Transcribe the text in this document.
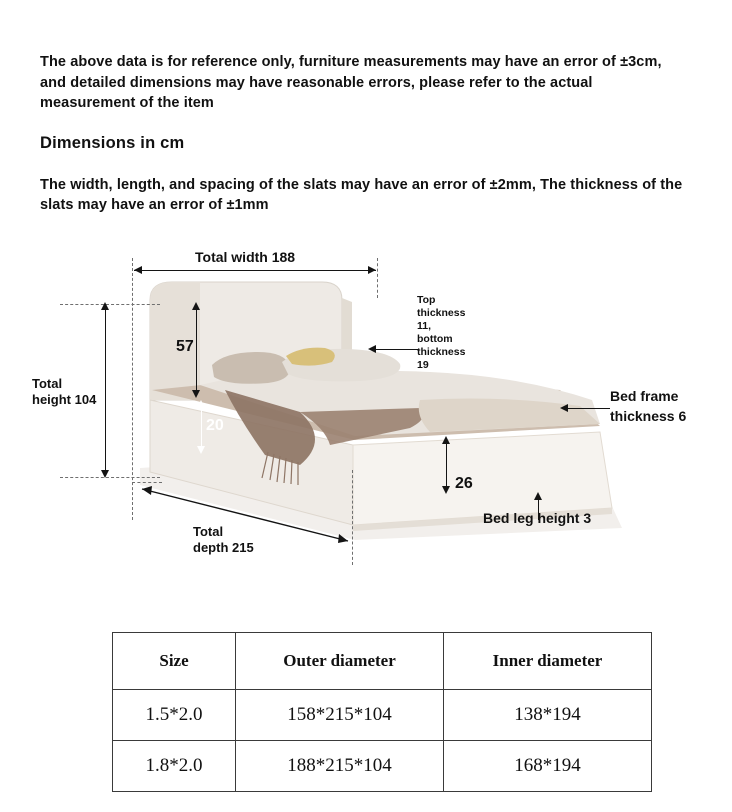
The above data is for reference only, furniture measurements may have an error of ±3cm, and detailed dimensions may have reasonable errors, please refer to the actual measurement of the item
Dimensions in cm
The width, length, and spacing of the slats may have an error of ±2mm, The thickness of the slats may have an error of ±1mm
Total width 188
Total
height 104
57
20
Top
thickness
11,
bottom
thickness
19
Bed frame
thickness 6
26
Bed leg height 3
Total
depth 215
Size	Outer diameter	Inner diameter
1.5*2.0	158*215*104	138*194
1.8*2.0	188*215*104	168*194
